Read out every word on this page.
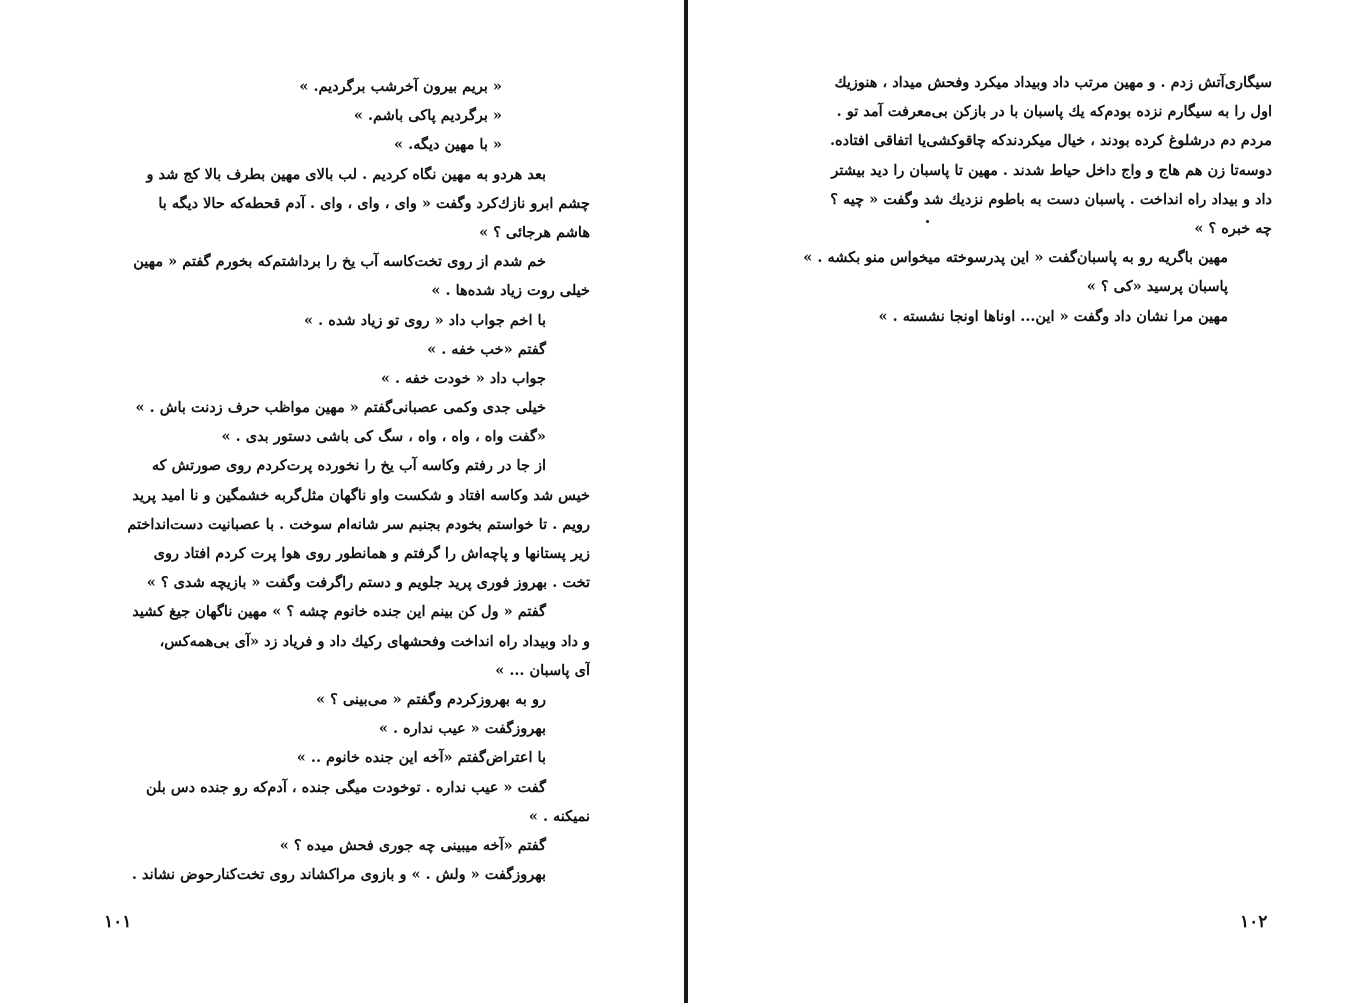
« بریم بیرون آخرشب برگردیم. »
« برگردیم پاکی باشم. »
« با مهین دیگه. »
بعد هردو به مهین نگاه کردیم . لب بالای مهین بطرف بالا کج شد و
چشم ابرو نازك‌کرد وگفت « وای ، وای ، وای . آدم قحطه‌که حالا دیگه با
هاشم هرجائی ؟ »
خم شدم از روی تخت‌کاسه آب یخ را برداشتم‌که بخورم گفتم « مهین
خیلی روت زیاد شده‌ها . »
با اخم جواب داد « روی تو زیاد شده . »
گفتم «خب خفه . »
جواب داد « خودت خفه . »
خیلی جدی وکمی عصبانی‌گفتم « مهین مواظب حرف زدنت باش . »
«گفت واه ، واه ، واه ، سگ کی باشی دستور بدی . »
از جا در رفتم وکاسه آب یخ را نخورده پرت‌کردم روی صورتش که
خیس شد وکاسه افتاد و شکست واو ناگهان مثل‌گربه خشمگین و نا امید پرید
رویم . تا خواستم بخودم بجنبم سر شانه‌ام سوخت . با عصبانیت دست‌انداختم
زیر پستانها و پاچه‌اش را گرفتم و همانطور روی هوا پرت کردم افتاد روی
تخت . بهروز فوری پرید جلویم و دستم راگرفت وگفت « بازیچه شدی ؟ »
گفتم « ول کن بینم این جنده خانوم چشه ؟ » مهین ناگهان جیغ کشید
و داد وبیداد راه انداخت وفحشهای رکیك داد و فریاد زد «آی بی‌همه‌کس،
آی پاسبان ... »
رو به بهروزکردم وگفتم « می‌بینی ؟ »
بهروزگفت « عیب نداره . »
با اعتراض‌گفتم «آخه این جنده خانوم .. »
گفت « عیب نداره . توخودت میگی جنده ، آدم‌که رو جنده دس بلن
نمیکنه . »
گفتم «آخه میبینی چه جوری فحش میده ؟ »
بهروزگفت « ولش . » و بازوی مراکشاند روی تخت‌کنارحوض نشاند .
۱۰۱
سیگاری‌آتش زدم . و مهین مرتب داد وبیداد میکرد وفحش میداد ، هنوزیك
اول را به سیگارم نزده بودم‌که یك پاسبان با در بازکن بی‌معرفت آمد تو .
مردم دم درشلوغ کرده بودند ، خیال میکردندکه چاقوکشی‌یا اتفاقی افتاده.
دوسه‌تا زن هم هاج و واج داخل حیاط شدند . مهین تا پاسبان را دید بیشتر
داد و بیداد راه انداخت . پاسبان دست به باطوم نزدیك شد وگفت « چیه ؟
چه خبره ؟ »
مهین باگریه رو به پاسبان‌گفت « این پدرسوخته میخواس منو بکشه . »
پاسبان پرسید «کی ؟ »
مهین مرا نشان داد وگفت « این... اوناها اونجا نشسته . »
۱۰۲
